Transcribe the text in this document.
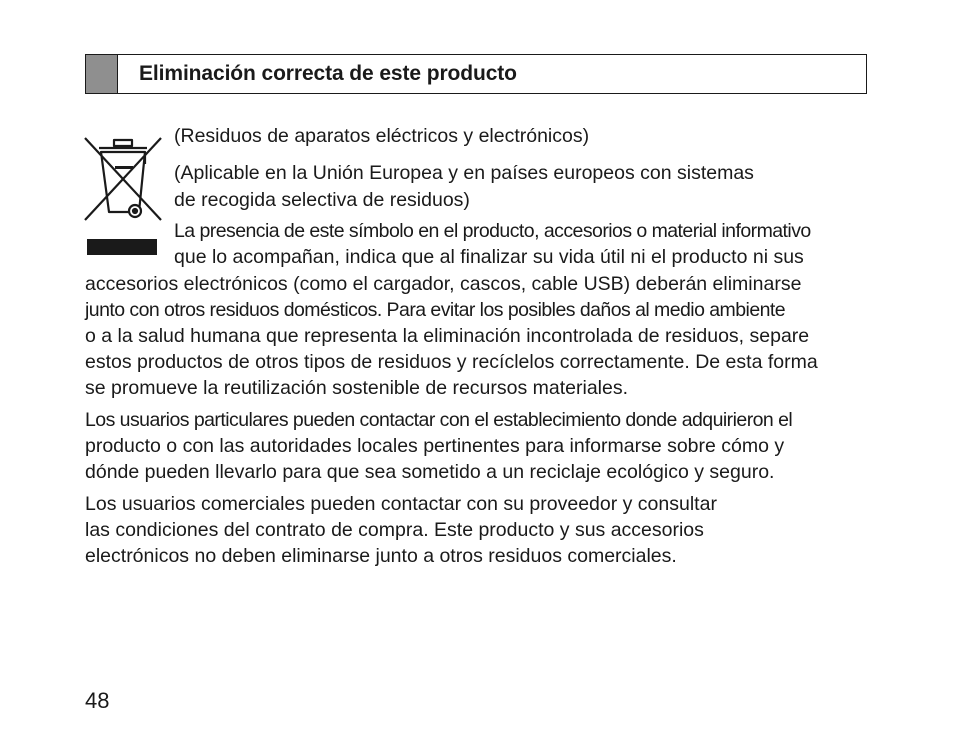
Eliminación correcta de este producto

(Residuos de aparatos eléctricos y electrónicos)

(Aplicable en la Unión Europea y en países europeos con sistemas
de recogida selectiva de residuos)

La presencia de este símbolo en el producto, accesorios o material informativo

que lo acompañan, indica que al finalizar su vida útil ni el producto ni sus

accesorios electrónicos (como el cargador, cascos, cable USB) deberán eliminarse

junto con otros residuos domésticos. Para evitar los posibles daños al medio ambiente

o a la salud humana que representa la eliminación incontrolada de residuos, separe

estos productos de otros tipos de residuos y recíclelos correctamente. De esta forma

se promueve la reutilización sostenible de recursos materiales.

Los usuarios particulares pueden contactar con el establecimiento donde adquirieron el

producto o con las autoridades locales pertinentes para informarse sobre cómo y

dónde pueden llevarlo para que sea sometido a un reciclaje ecológico y seguro.

Los usuarios comerciales pueden contactar con su proveedor y consultar

las condiciones del contrato de compra. Este producto y sus accesorios

electrónicos no deben eliminarse junto a otros residuos comerciales.

48
